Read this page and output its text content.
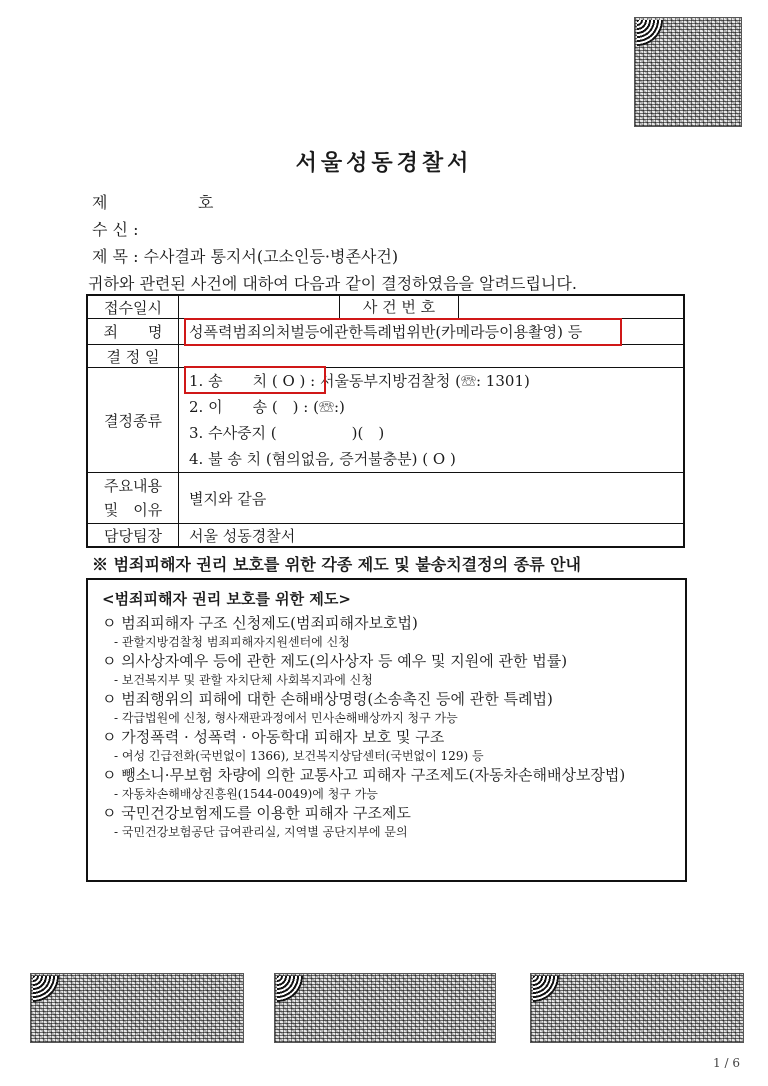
서울성동경찰서
제	호
수 신 :
제 목 : 수사결과 통지서(고소인등·병존사건)
귀하와 관련된 사건에 대하여 다음과 같이 결정하였음을 알려드립니다.
접수일시	사 건 번 호

죄　　명	성폭력범죄의처벌등에관한특례법위반(카메라등이용촬영) 등
결 정 일	
결정종류	1. 송　　치 ( O ) : 서울동부지방검찰청 (☏: 1301)
2. 이　　송 (　) : (☏:)
3. 수사중지 (　　　　　)(　)
4. 불 송 치 (혐의없음, 증거불충분) ( O )

주요내용
및　이유	별지와 같음
담당팀장	서울 성동경찰서
※ 범죄피해자 권리 보호를 위한 각종 제도 및 불송치결정의 종류 안내
<범죄피해자 권리 보호를 위한 제도>
ㅇ 범죄피해자 구조 신청제도(범죄피해자보호법)
- 관할지방검찰청 범죄피해자지원센터에 신청
ㅇ 의사상자예우 등에 관한 제도(의사상자 등 예우 및 지원에 관한 법률)
- 보건복지부 및 관할 자치단체 사회복지과에 신청
ㅇ 범죄행위의 피해에 대한 손해배상명령(소송촉진 등에 관한 특례법)
- 각급법원에 신청, 형사재판과정에서 민사손해배상까지 청구 가능
ㅇ 가정폭력 · 성폭력 · 아동학대 피해자 보호 및 구조
- 여성 긴급전화(국번없이 1366), 보건복지상담센터(국번없이 129) 등
ㅇ 뺑소니·무보험 차량에 의한 교통사고 피해자 구조제도(자동차손해배상보장법)
- 자동차손해배상진흥원(1544-0049)에 청구 가능
ㅇ 국민건강보험제도를 이용한 피해자 구조제도
- 국민건강보험공단 급여관리실, 지역별 공단지부에 문의
1 / 6
